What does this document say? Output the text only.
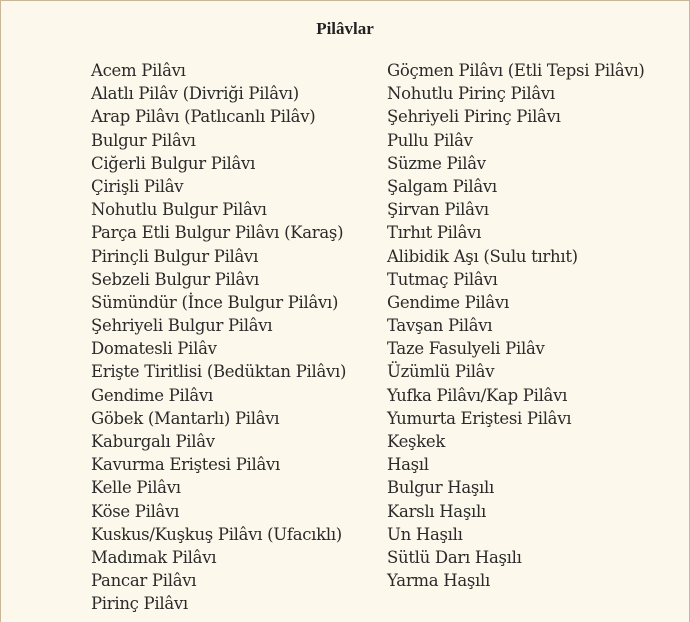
Pilâvlar
Acem Pilâvı
Alatlı Pilâv (Divriği Pilâvı)
Arap Pilâvı (Patlıcanlı Pilâv)
Bulgur Pilâvı
Ciğerli Bulgur Pilâvı
Çirişli Pilâv
Nohutlu Bulgur Pilâvı
Parça Etli Bulgur Pilâvı (Karaş)
Pirinçli Bulgur Pilâvı
Sebzeli Bulgur Pilâvı
Sümündür (İnce Bulgur Pilâvı)
Şehriyeli Bulgur Pilâvı
Domatesli Pilâv
Erişte Tiritlisi (Bedüktan Pilâvı)
Gendime Pilâvı
Göbek (Mantarlı) Pilâvı
Kaburgalı Pilâv
Kavurma Eriştesi Pilâvı
Kelle Pilâvı
Köse Pilâvı
Kuskus/Kuşkuş Pilâvı (Ufacıklı)
Madımak Pilâvı
Pancar Pilâvı
Pirinç Pilâvı
Göçmen Pilâvı (Etli Tepsi Pilâvı)
Nohutlu Pirinç Pilâvı
Şehriyeli Pirinç Pilâvı
Pullu Pilâv
Süzme Pilâv
Şalgam Pilâvı
Şirvan Pilâvı
Tırhıt Pilâvı
Alibidik Aşı (Sulu tırhıt)
Tutmaç Pilâvı
Gendime Pilâvı
Tavşan Pilâvı
Taze Fasulyeli Pilâv
Üzümlü Pilâv
Yufka Pilâvı/Kap Pilâvı
Yumurta Eriştesi Pilâvı
Keşkek
Haşıl
Bulgur Haşılı
Karslı Haşılı
Un Haşılı
Sütlü Darı Haşılı
Yarma Haşılı
